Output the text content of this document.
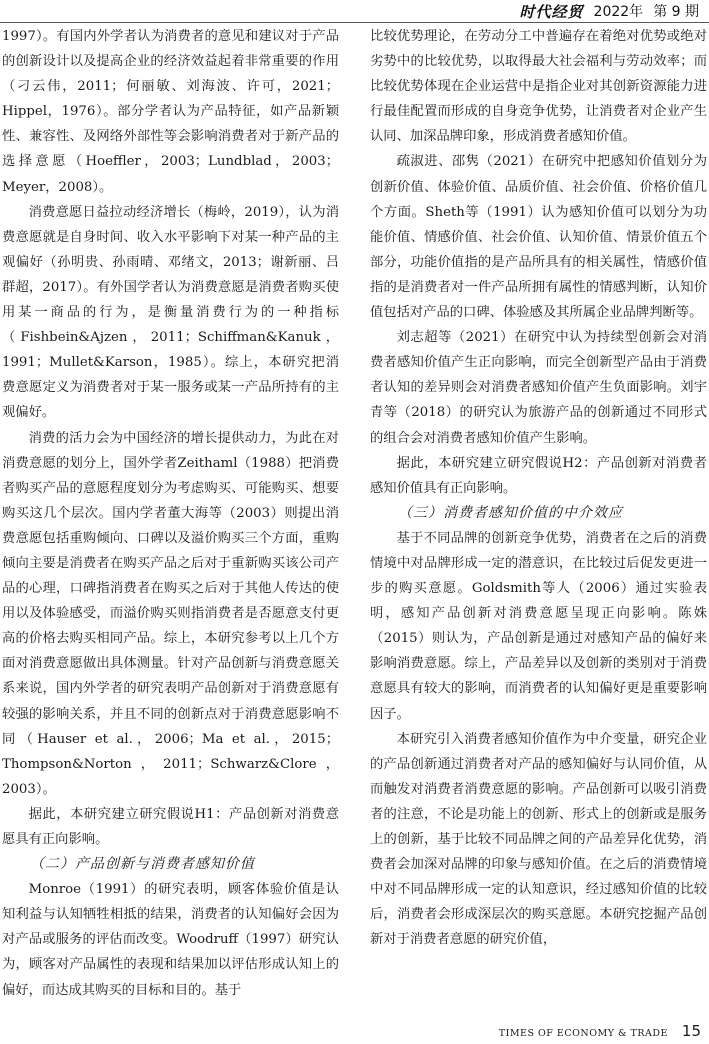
时代经贸 2022年 第 9 期

1997）。有国内外学者认为消费者的意见和建议对于产品的创新设计以及提高企业的经济效益起着非常重要的作用（刁云伟，2011；何丽敏、刘海波、许可，2021；Hippel，1976）。部分学者认为产品特征，如产品新颖性、兼容性、及网络外部性等会影响消费者对于新产品的选择意愿（Hoeffler，2003；Lundblad，2003；Meyer，2008）。

消费意愿日益拉动经济增长（梅岭，2019），认为消费意愿就是自身时间、收入水平影响下对某一种产品的主观偏好（孙明贵、孙雨晴、邓绪文，2013；谢新丽、吕群超，2017）。有外国学者认为消费意愿是消费者购买使用某一商品的行为，是衡量消费行为的一种指标（Fishbein&Ajzen，2011；Schiffman&Kanuk，1991；Mullet&Karson，1985）。综上，本研究把消费意愿定义为消费者对于某一服务或某一产品所持有的主观偏好。

消费的活力会为中国经济的增长提供动力，为此在对消费意愿的划分上，国外学者Zeithaml（1988）把消费者购买产品的意愿程度划分为考虑购买、可能购买、想要购买这几个层次。国内学者董大海等（2003）则提出消费意愿包括重购倾向、口碑以及溢价购买三个方面，重购倾向主要是消费者在购买产品之后对于重新购买该公司产品的心理，口碑指消费者在购买之后对于其他人传达的使用以及体验感受，而溢价购买则指消费者是否愿意支付更高的价格去购买相同产品。综上，本研究参考以上几个方面对消费意愿做出具体测量。针对产品创新与消费意愿关系来说，国内外学者的研究表明产品创新对于消费意愿有较强的影响关系，并且不同的创新点对于消费意愿影响不同（Hauser et al.，2006；Ma et al.，2015；Thompson&Norton，2011；Schwarz&Clore，2003）。

据此，本研究建立研究假说H1：产品创新对消费意愿具有正向影响。

（二）产品创新与消费者感知价值

Monroe（1991）的研究表明，顾客体验价值是认知利益与认知牺牲相抵的结果，消费者的认知偏好会因为对产品或服务的评估而改变。Woodruff（1997）研究认为，顾客对产品属性的表现和结果加以评估形成认知上的偏好，而达成其购买的目标和目的。基于

比较优势理论，在劳动分工中普遍存在着绝对优势或绝对劣势中的比较优势，以取得最大社会福利与劳动效率；而比较优势体现在企业运营中是指企业对其创新资源能力进行最佳配置而形成的自身竞争优势，让消费者对企业产生认同、加深品牌印象，形成消费者感知价值。

疏淑进、邵隽（2021）在研究中把感知价值划分为创新价值、体验价值、品质价值、社会价值、价格价值几个方面。Sheth等（1991）认为感知价值可以划分为功能价值、情感价值、社会价值、认知价值、情景价值五个部分，功能价值指的是产品所具有的相关属性，情感价值指的是消费者对一件产品所拥有属性的情感判断，认知价值包括对产品的口碑、体验感及其所属企业品牌判断等。

刘志超等（2021）在研究中认为持续型创新会对消费者感知价值产生正向影响，而完全创新型产品由于消费者认知的差异则会对消费者感知价值产生负面影响。刘宇青等（2018）的研究认为旅游产品的创新通过不同形式的组合会对消费者感知价值产生影响。

据此，本研究建立研究假说H2：产品创新对消费者感知价值具有正向影响。

（三）消费者感知价值的中介效应

基于不同品牌的创新竞争优势，消费者在之后的消费情境中对品牌形成一定的潜意识，在比较过后促发更进一步的购买意愿。Goldsmith等人（2006）通过实验表明，感知产品创新对消费意愿呈现正向影响。陈姝（2015）则认为，产品创新是通过对感知产品的偏好来影响消费意愿。综上，产品差异以及创新的类别对于消费意愿具有较大的影响，而消费者的认知偏好更是重要影响因子。

本研究引入消费者感知价值作为中介变量，研究企业的产品创新通过消费者对产品的感知偏好与认同价值，从而触发对消费者消费意愿的影响。产品创新可以吸引消费者的注意，不论是功能上的创新、形式上的创新或是服务上的创新，基于比较不同品牌之间的产品差异化优势，消费者会加深对品牌的印象与感知价值。在之后的消费情境中对不同品牌形成一定的认知意识，经过感知价值的比较后，消费者会形成深层次的购买意愿。本研究挖掘产品创新对于消费者意愿的研究价值，

TIMES OF ECONOMY & TRADE 15
